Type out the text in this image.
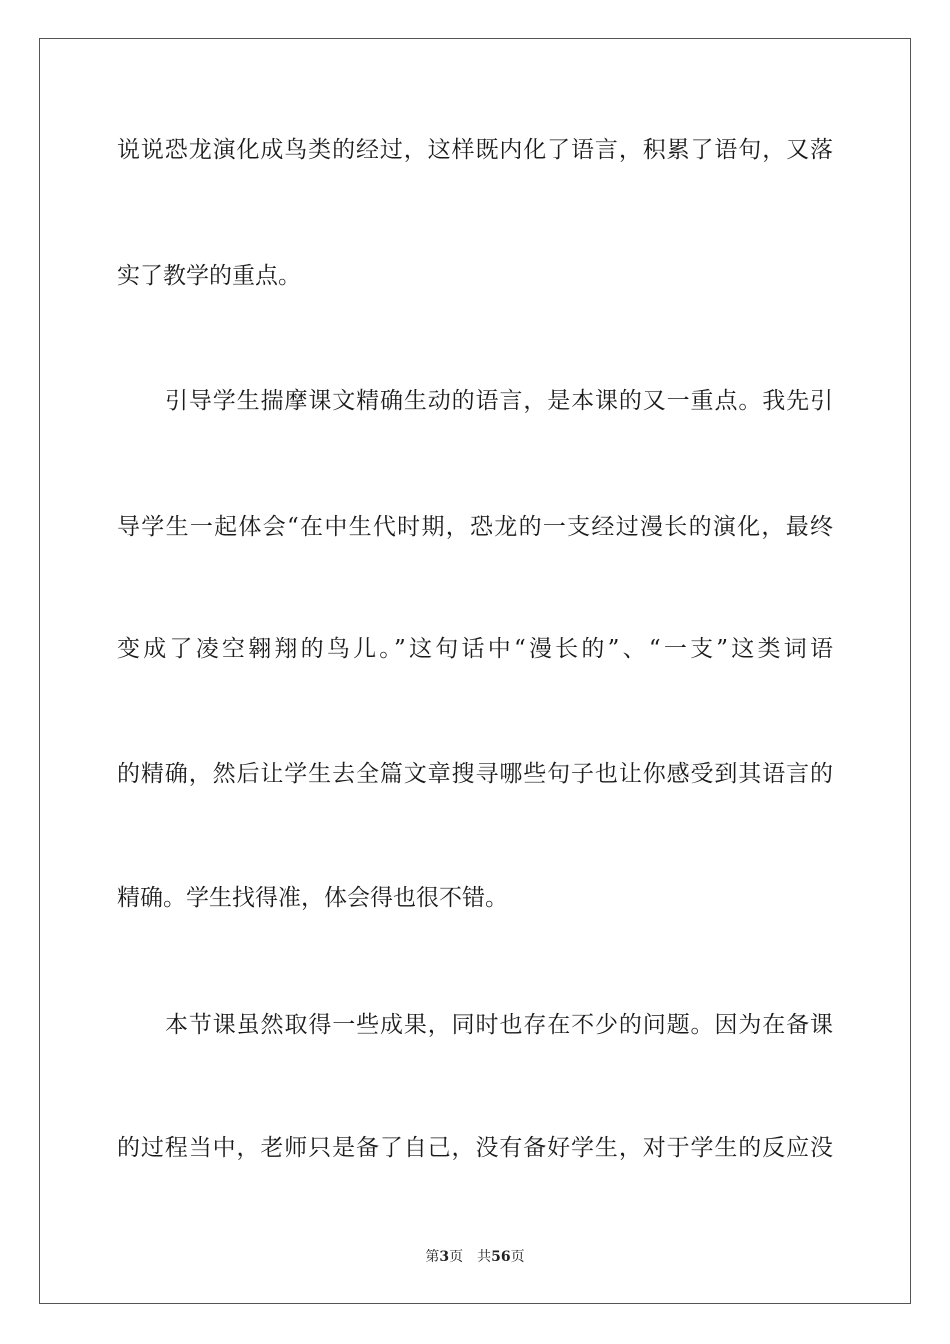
说说恐龙演化成鸟类的经过，这样既内化了语言，积累了语句，又落
实了教学的重点。
引导学生揣摩课文精确生动的语言，是本课的又一重点。我先引
导学生一起体会“在中生代时期，恐龙的一支经过漫长的演化，最终
变成了凌空翱翔的鸟儿。”这句话中“漫长的”、“一支”这类词语
的精确，然后让学生去全篇文章搜寻哪些句子也让你感受到其语言的
精确。学生找得准，体会得也很不错。
本节课虽然取得一些成果，同时也存在不少的问题。因为在备课
的过程当中，老师只是备了自己，没有备好学生，对于学生的反应没
第3页 共56页
